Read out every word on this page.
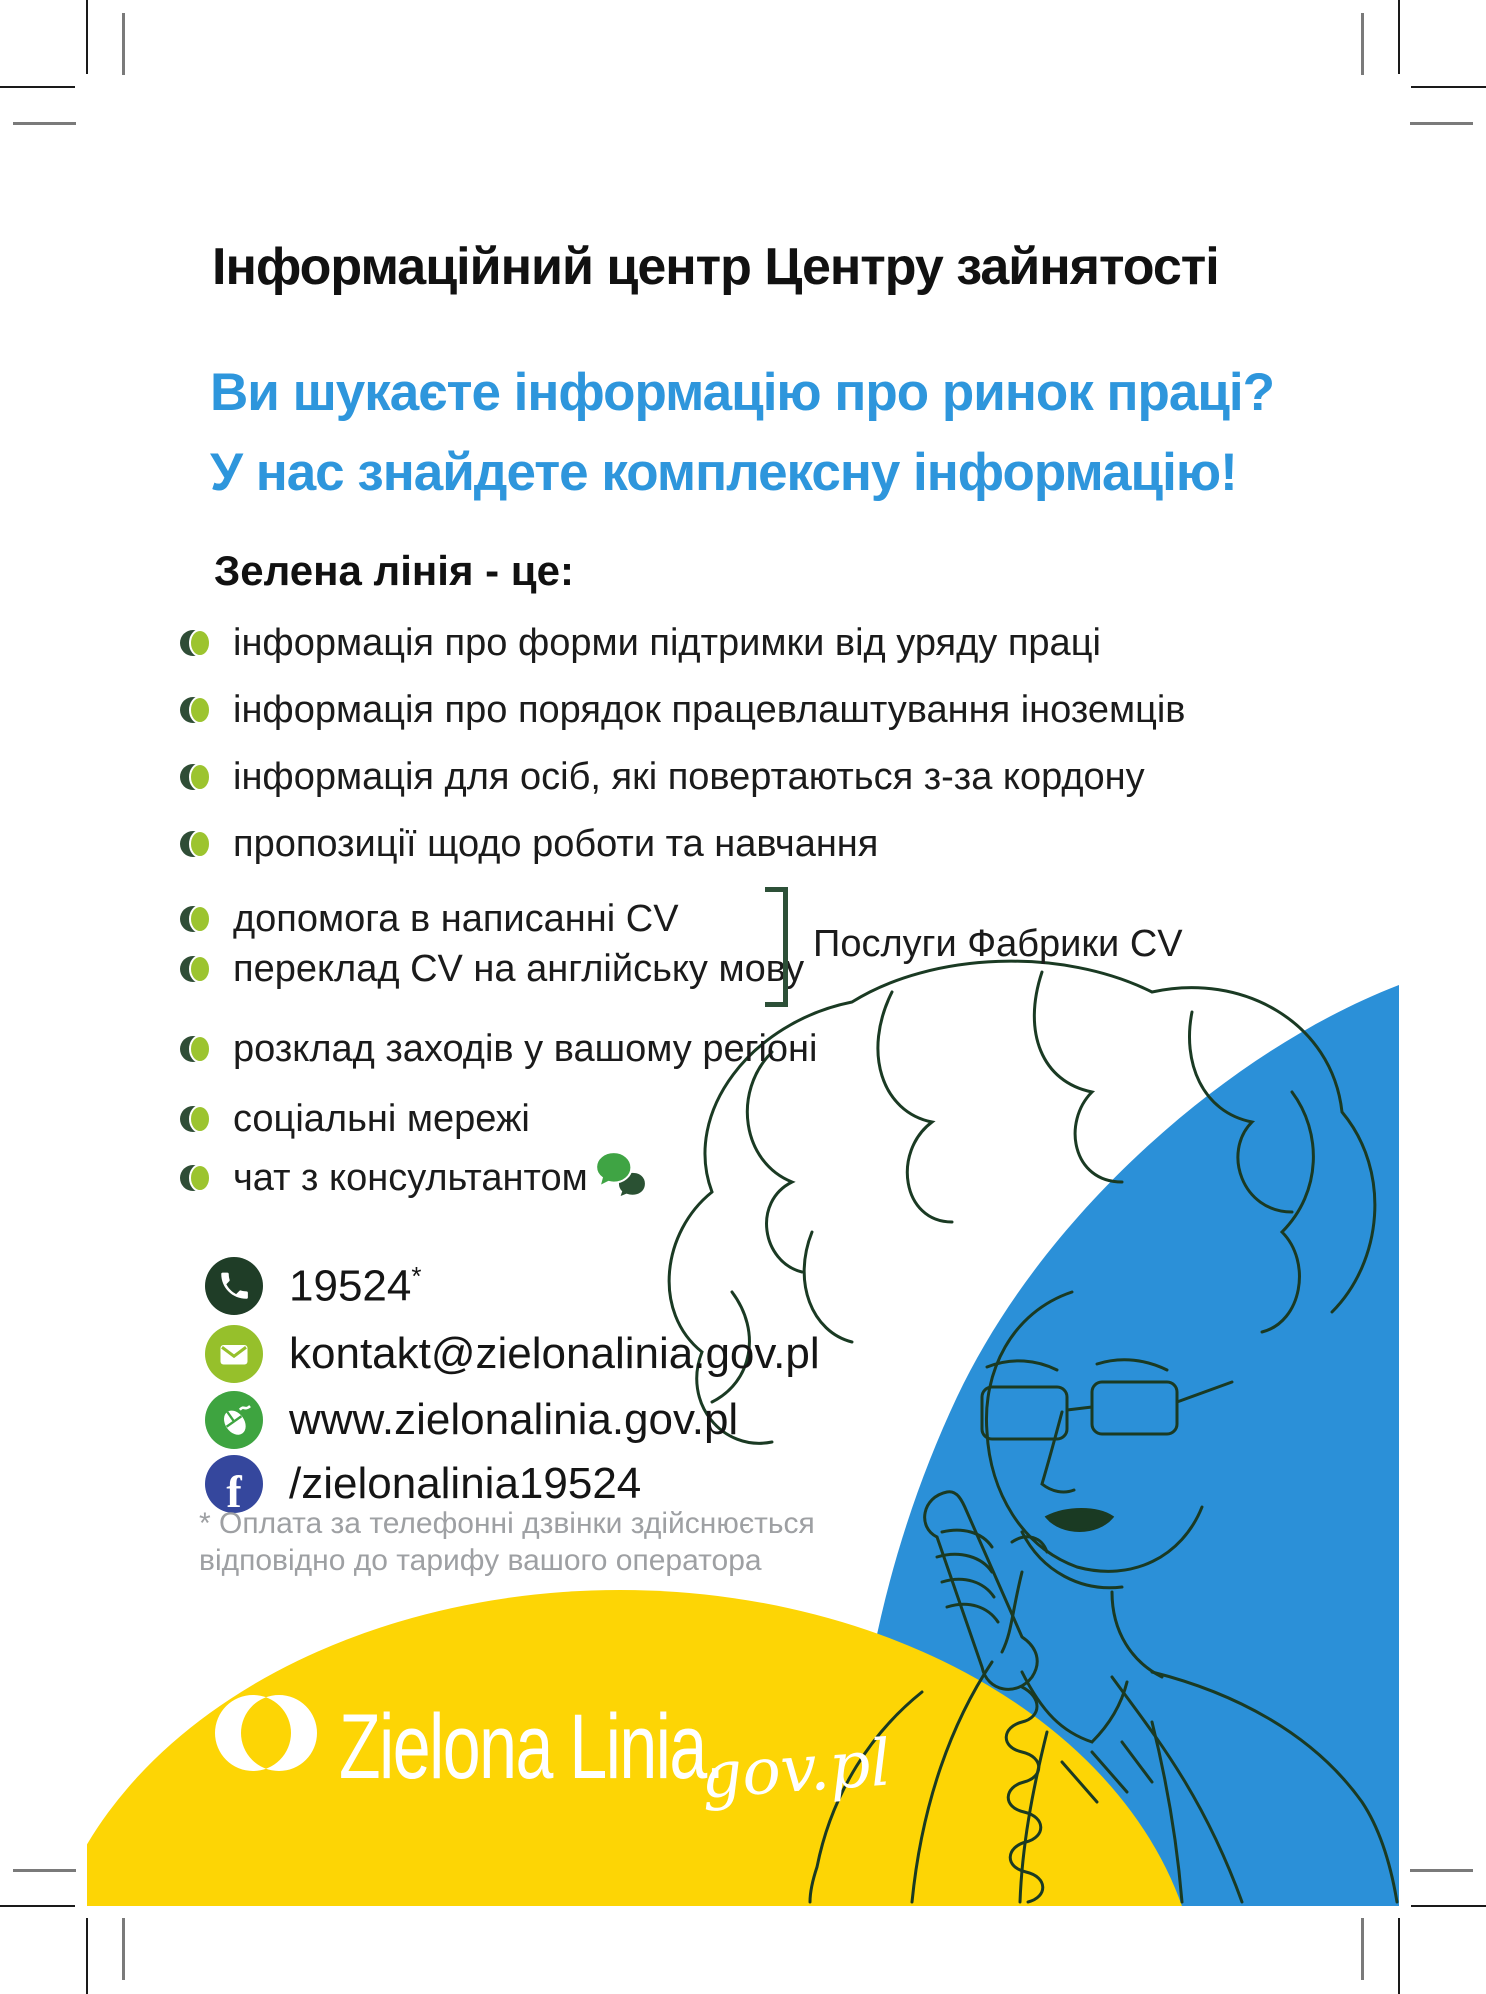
Zielona Linia.
gov.pl
Інформаційний центр Центру зайнятості
Ви шукаєте інформацію про ринок праці?
У нас знайдете комплексну інформацію!
Зелена лінія - це:
інформація про форми підтримки від уряду праці
інформація про порядок працевлаштування іноземців
інформація для осіб, які повертаються з-за кордону
пропозиції щодо роботи та навчання
допомога в написанні CV
переклад CV на англійську мову
Послуги Фабрики CV
розклад заходів у вашому регіоні
соціальні мережі
чат з консультантом
19524*
kontakt@zielonalinia.gov.pl
www.zielonalinia.gov.pl
f /zielonalinia19524
* Оплата за телефонні дзвінки здійснюється
відповідно до тарифу вашого оператора
